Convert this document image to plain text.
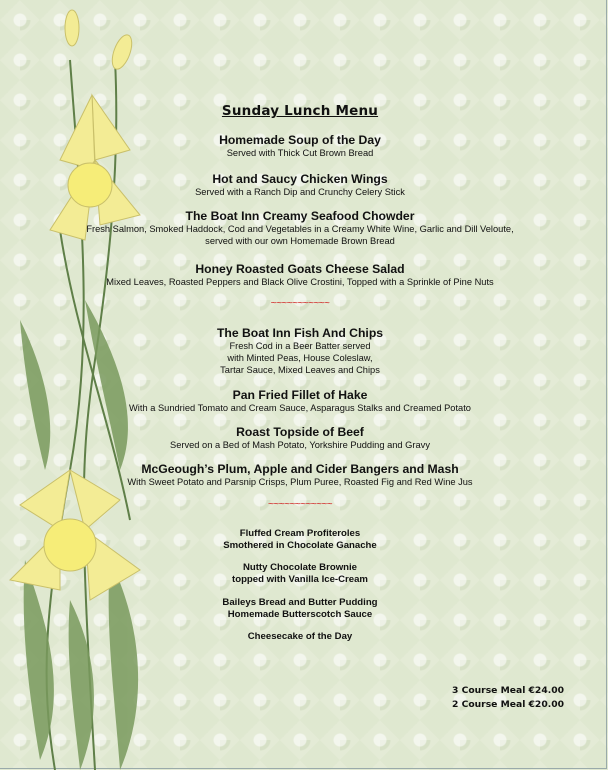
Sunday Lunch Menu
Homemade Soup of the Day
Served with Thick Cut Brown Bread
Hot and Saucy Chicken Wings
Served with a Ranch Dip and Crunchy Celery Stick
The Boat Inn Creamy Seafood Chowder
Fresh Salmon, Smoked Haddock, Cod and Vegetables in a Creamy White Wine, Garlic and Dill Veloute,
served with our own Homemade Brown Bread
Honey Roasted Goats Cheese Salad
Mixed Leaves, Roasted Peppers and Black Olive Crostini, Topped with a Sprinkle of Pine Nuts
~~~~~~~~~~~
The Boat Inn Fish And Chips
Fresh Cod in a Beer Batter served
with Minted Peas, House Coleslaw,
Tartar Sauce, Mixed Leaves and Chips
Pan Fried Fillet of Hake
With a Sundried Tomato and Cream Sauce, Asparagus Stalks and Creamed Potato
Roast Topside of Beef
Served on a Bed of Mash Potato, Yorkshire Pudding and Gravy
McGeough’s Plum, Apple and Cider Bangers and Mash
With Sweet Potato and Parsnip Crisps, Plum Puree, Roasted Fig and Red Wine Jus
~~~~~~~~~~~~
Fluffed Cream Profiteroles
Smothered in Chocolate Ganache
Nutty Chocolate Brownie
topped with Vanilla Ice-Cream
Baileys Bread and Butter Pudding
Homemade Butterscotch Sauce
Cheesecake of the Day
3 Course Meal €24.00
2 Course Meal €20.00
